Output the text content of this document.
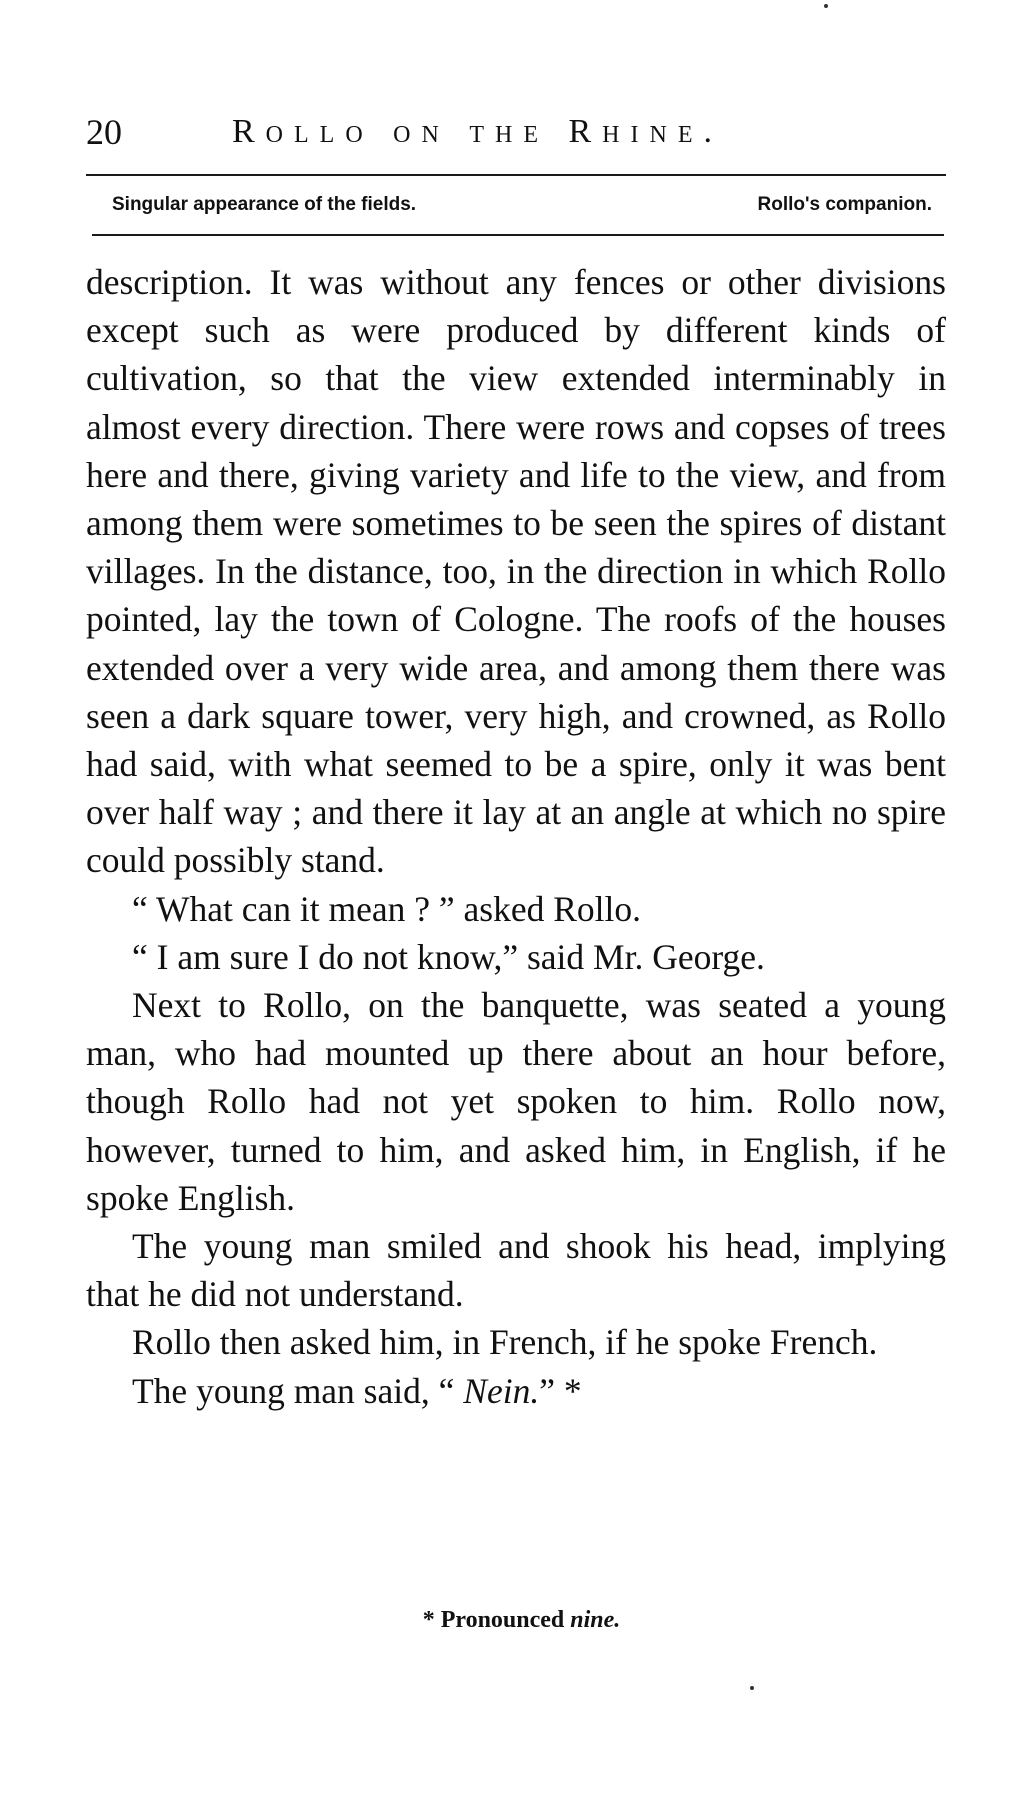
20	Rollo on the Rhine.
Singular appearance of the fields.	Rollo's companion.

description. It was without any fences or other divisions except such as were produced by different kinds of cultivation, so that the view extended interminably in almost every direction. There were rows and copses of trees here and there, giving variety and life to the view, and from among them were sometimes to be seen the spires of distant villages. In the distance, too, in the direction in which Rollo pointed, lay the town of Cologne. The roofs of the houses extended over a very wide area, and among them there was seen a dark square tower, very high, and crowned, as Rollo had said, with what seemed to be a spire, only it was bent over half way ; and there it lay at an angle at which no spire could possibly stand.

“ What can it mean ? ” asked Rollo.

“ I am sure I do not know,” said Mr. George.

Next to Rollo, on the banquette, was seated a young man, who had mounted up there about an hour before, though Rollo had not yet spoken to him. Rollo now, however, turned to him, and asked him, in English, if he spoke English.

The young man smiled and shook his head, implying that he did not understand.

Rollo then asked him, in French, if he spoke French.

The young man said, “ Nein.” *

* Pronounced nine.
